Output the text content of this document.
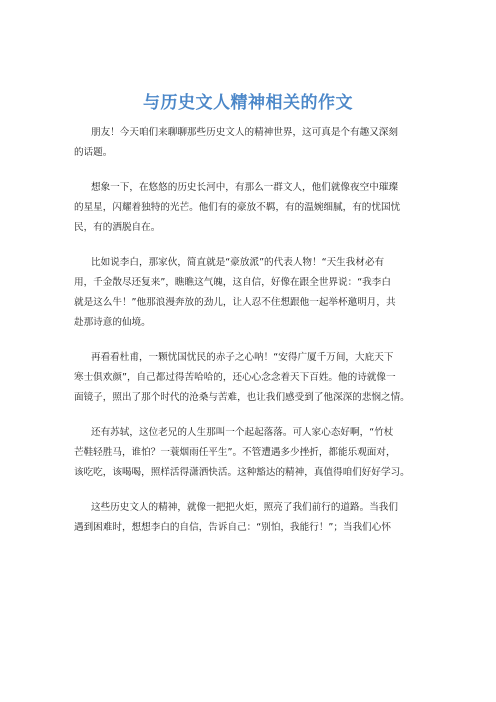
与历史文人精神相关的作文
朋友！今天咱们来聊聊那些历史文人的精神世界，这可真是个有趣又深刻
的话题。
想象一下，在悠悠的历史长河中，有那么一群文人，他们就像夜空中璀璨
的星星，闪耀着独特的光芒。他们有的豪放不羁，有的温婉细腻，有的忧国忧
民，有的洒脱自在。
比如说李白，那家伙，简直就是“豪放派”的代表人物！“天生我材必有
用，千金散尽还复来”，瞧瞧这气魄，这自信，好像在跟全世界说：“我李白
就是这么牛！”他那浪漫奔放的劲儿，让人忍不住想跟他一起举杯邀明月，共
赴那诗意的仙境。
再看看杜甫，一颗忧国忧民的赤子之心呐！“安得广厦千万间，大庇天下
寒士俱欢颜”，自己都过得苦哈哈的，还心心念念着天下百姓。他的诗就像一
面镜子，照出了那个时代的沧桑与苦难，也让我们感受到了他深深的悲悯之情。
还有苏轼，这位老兄的人生那叫一个起起落落。可人家心态好啊，“竹杖
芒鞋轻胜马，谁怕？一蓑烟雨任平生”。不管遭遇多少挫折，都能乐观面对，
该吃吃，该喝喝，照样活得潇洒快活。这种豁达的精神，真值得咱们好好学习。
这些历史文人的精神，就像一把把火炬，照亮了我们前行的道路。当我们
遇到困难时，想想李白的自信，告诉自己：“别怕，我能行！”；当我们心怀
